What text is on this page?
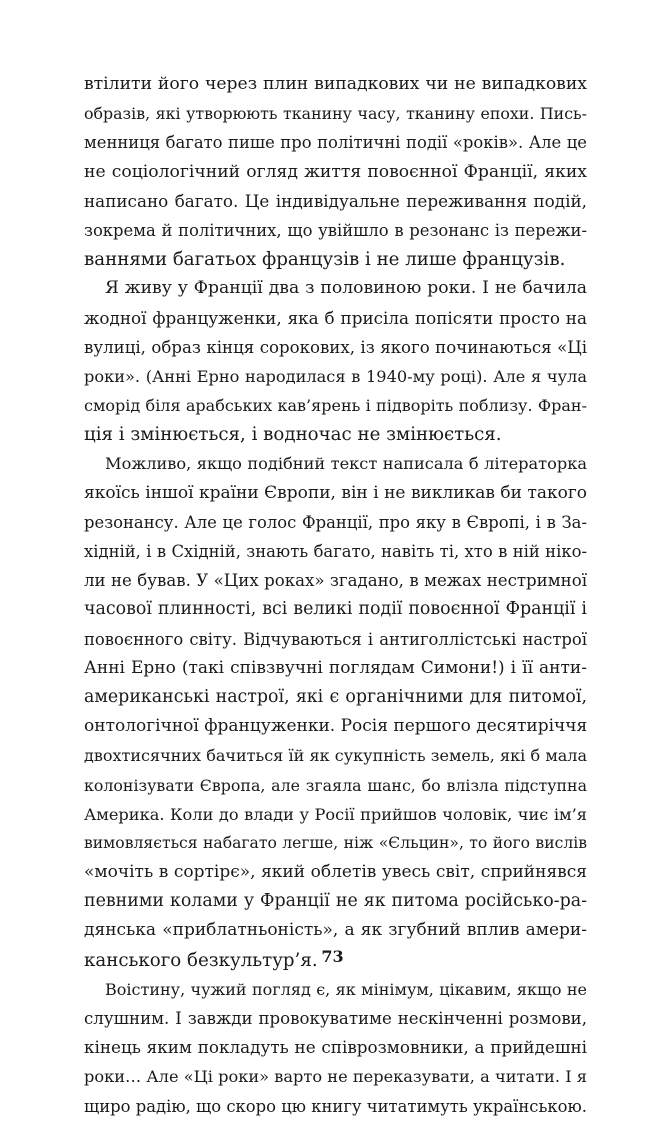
втілити його через плин випадкових чи не випадкових
образів, які утворюють тканину часу, тканину епохи. Пись-
менниця багато пише про політичні події «років». Але це
не соціологічний огляд життя повоєнної Франції, яких
написано багато. Це індивідуальне переживання подій,
зокрема й політичних, що увійшло в резонанс із пережи-
ваннями багатьох французів і не лише французів.
Я живу у Франції два з половиною роки. І не бачила
жодної француженки, яка б присіла попісяти просто на
вулиці, образ кінця сорокових, із якого починаються «Ці
роки». (Анні Ерно народилася в 1940-му році). Але я чула
сморід біля арабських кав’ярень і підворіть поблизу. Фран-
ція і змінюється, і водночас не змінюється.
Можливо, якщо подібний текст написала б літераторка
якоїсь іншої країни Європи, він і не викликав би такого
резонансу. Але це голос Франції, про яку в Європі, і в За-
хідній, і в Східній, знають багато, навіть ті, хто в ній ніко-
ли не бував. У «Цих роках» згадано, в межах нестримної
часової плинності, всі великі події повоєнної Франції і
повоєнного світу. Відчуваються і антиголлістські настрої
Анні Ерно (такі співзвучні поглядам Симони!) і її анти-
американські настрої, які є органічними для питомої,
онтологічної француженки. Росія першого десятиріччя
двохтисячних бачиться їй як сукупність земель, які б мала
колонізувати Європа, але згаяла шанс, бо влізла підступна
Америка. Коли до влади у Росії прийшов чоловік, чиє ім’я
вимовляється набагато легше, ніж «Єльцин», то його вислів
«мочіть в сортірє», який облетів увесь світ, сприйнявся
певними колами у Франції не як питома російсько-ра-
дянська «приблатньоність», а як згубний вплив амери-
канського безкультур’я.
Воістину, чужий погляд є, як мінімум, цікавим, якщо не
слушним. І завжди провокуватиме нескінченні розмови,
кінець яким покладуть не співрозмовники, а прийдешні
роки… Але «Ці роки» варто не переказувати, а читати. І я
щиро радію, що скоро цю книгу читатимуть українською.
73
